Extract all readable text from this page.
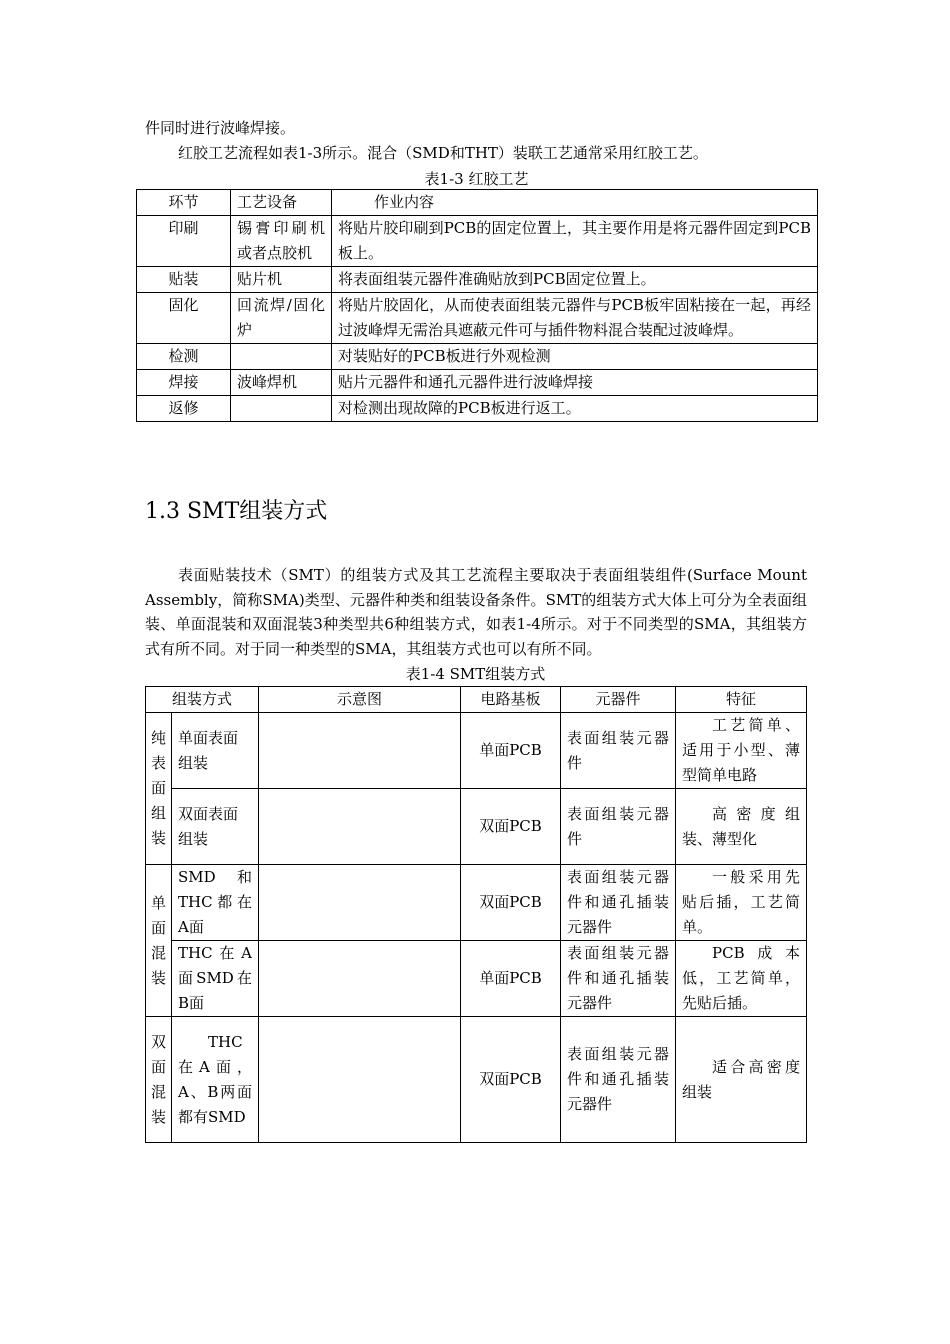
件同时进行波峰焊接。

红胶工艺流程如表1-3所示。混合（SMD和THT）装联工艺通常采用红胶工艺。

表1-3 红胶工艺

环节	工艺设备	作业内容
印刷	锡膏印刷机或者点胶机	将贴片胶印刷到PCB的固定位置上，其主要作用是将元器件固定到PCB板上。
贴装	贴片机	将表面组装元器件准确贴放到PCB固定位置上。
固化	回流焊/固化炉	将贴片胶固化，从而使表面组装元器件与PCB板牢固粘接在一起，再经过波峰焊无需治具遮蔽元件可与插件物料混合装配过波峰焊。
检测		对装贴好的PCB板进行外观检测
焊接	波峰焊机	贴片元器件和通孔元器件进行波峰焊接
返修		对检测出现故障的PCB板进行返工。
1.3 SMT组装方式

表面贴装技术（SMT）的组装方式及其工艺流程主要取决于表面组装组件(Surface Mount Assembly，简称SMA)类型、元器件种类和组装设备条件。SMT的组装方式大体上可分为全表面组装、单面混装和双面混装3种类型共6种组装方式，如表1-4所示。对于不同类型的SMA，其组装方式有所不同。对于同一种类型的SMA，其组装方式也可以有所不同。

表1-4 SMT组装方式

组装方式		示意图	电路基板	元器件	特征

纯表面组装	单面表面组装		单面PCB	表面组装元器件	工艺简单、适用于小型、薄型简单电路
	双面表面组装		双面PCB	表面组装元器件	高密度组装、薄型化

单面混装	SMD和THC都在A面		双面PCB	表面组装元器件和通孔插装元器件	一般采用先贴后插，工艺简单。
	THC在A面SMD在B面		单面PCB	表面组装元器件和通孔插装元器件	PCB成本低，工艺简单，先贴后插。

双面混装	THC在A面，A、B两面都有SMD		双面PCB	表面组装元器件和通孔插装元器件	适合高密度组装
